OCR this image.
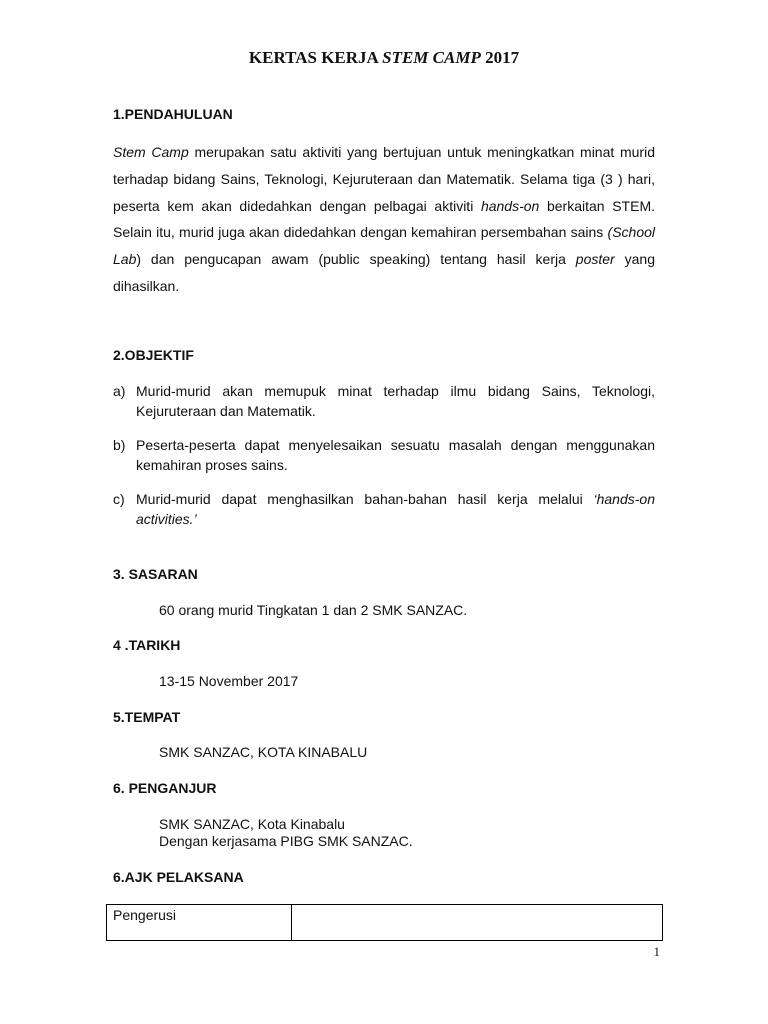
KERTAS KERJA STEM CAMP 2017
1.PENDAHULUAN

Stem Camp merupakan satu aktiviti yang bertujuan untuk meningkatkan minat murid terhadap bidang Sains, Teknologi, Kejuruteraan dan Matematik. Selama tiga (3 ) hari, peserta kem akan didedahkan dengan pelbagai aktiviti hands-on berkaitan STEM. Selain itu, murid juga akan didedahkan dengan kemahiran persembahan sains (School Lab) dan pengucapan awam (public speaking) tentang hasil kerja poster yang dihasilkan.

2.OBJEKTIF
a) Murid-murid akan memupuk minat terhadap ilmu bidang Sains, Teknologi, Kejuruteraan dan Matematik.
b) Peserta-peserta dapat menyelesaikan sesuatu masalah dengan menggunakan kemahiran proses sains.
c) Murid-murid dapat menghasilkan bahan-bahan hasil kerja melalui ‘hands-on activities.’
3. SASARAN

60 orang murid Tingkatan 1 dan 2 SMK SANZAC.

4 .TARIKH

13-15 November 2017

5.TEMPAT

SMK SANZAC, KOTA KINABALU

6. PENGANJUR

SMK SANZAC, Kota Kinabalu

Dengan kerjasama PIBG SMK SANZAC.

6.AJK PELAKSANA
Pengerusi	
1
